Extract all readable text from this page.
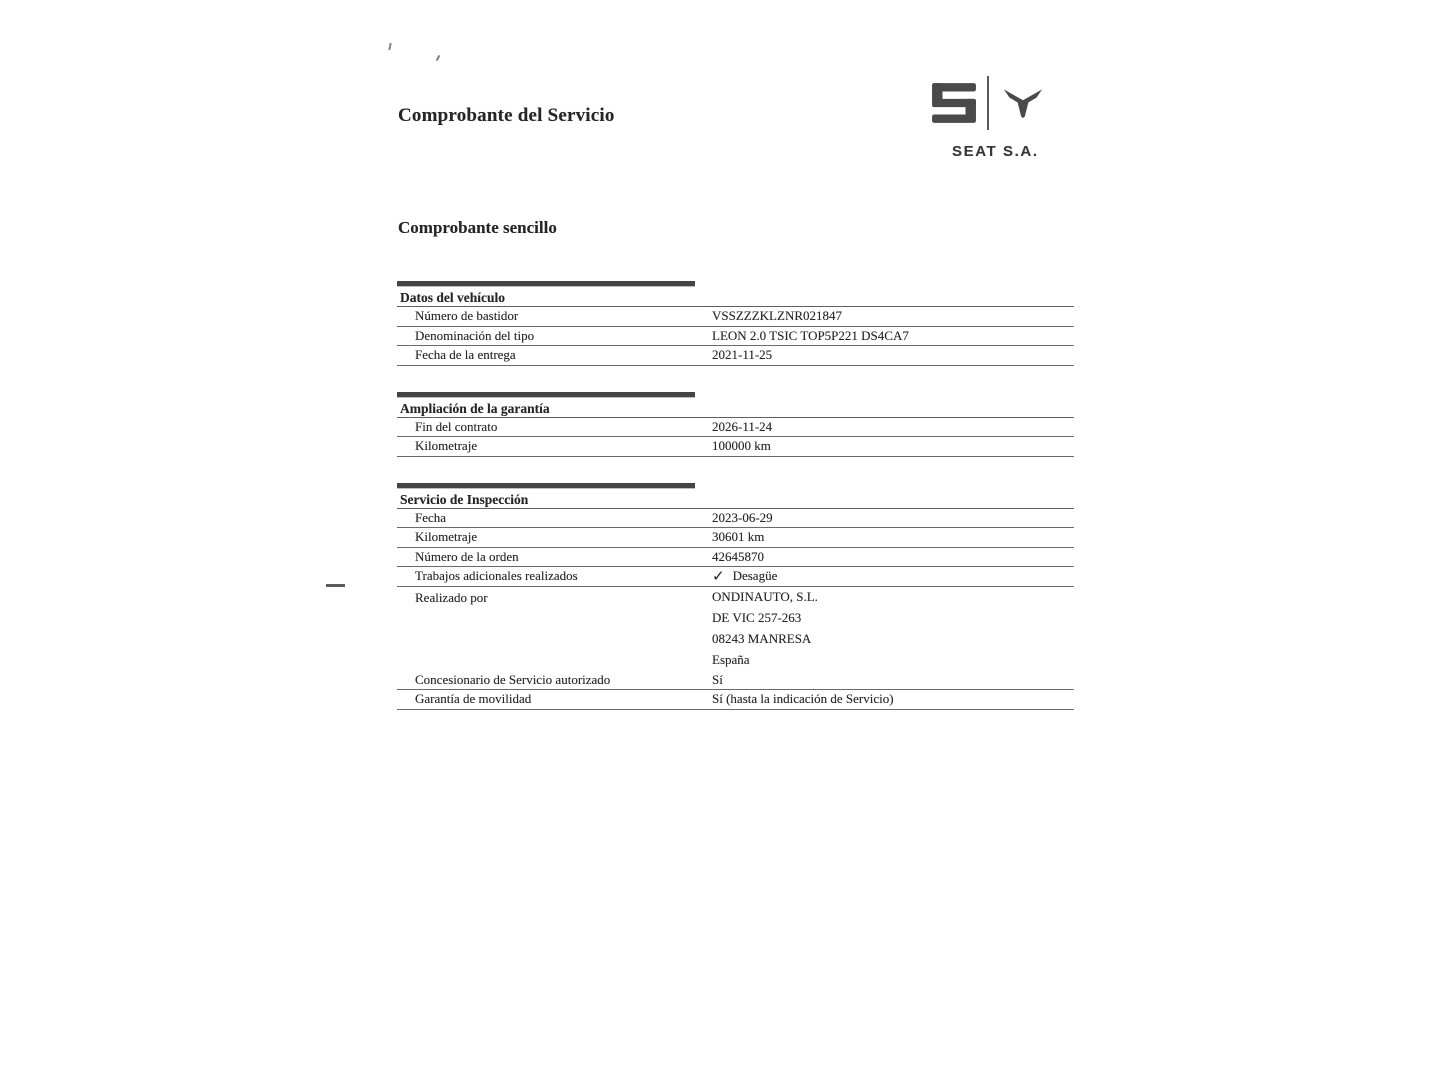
Comprobante del Servicio
SEAT S.A.
Comprobante sencillo
Datos del vehículo
Número de bastidor	VSSZZZKLZNR021847
Denominación del tipo	LEON 2.0 TSIC TOP5P221 DS4CA7
Fecha de la entrega	2021-11-25
Ampliación de la garantía
Fin del contrato	2026-11-24
Kilometraje	100000 km
Servicio de Inspección
Fecha	2023-06-29
Kilometraje	30601 km
Número de la orden	42645870
Trabajos adicionales realizados	✓ Desagüe
Realizado por	ONDINAUTO, S.L.
DE VIC 257-263
08243 MANRESA
España
Concesionario de Servicio autorizado	Sí
Garantía de movilidad	Sí (hasta la indicación de Servicio)
